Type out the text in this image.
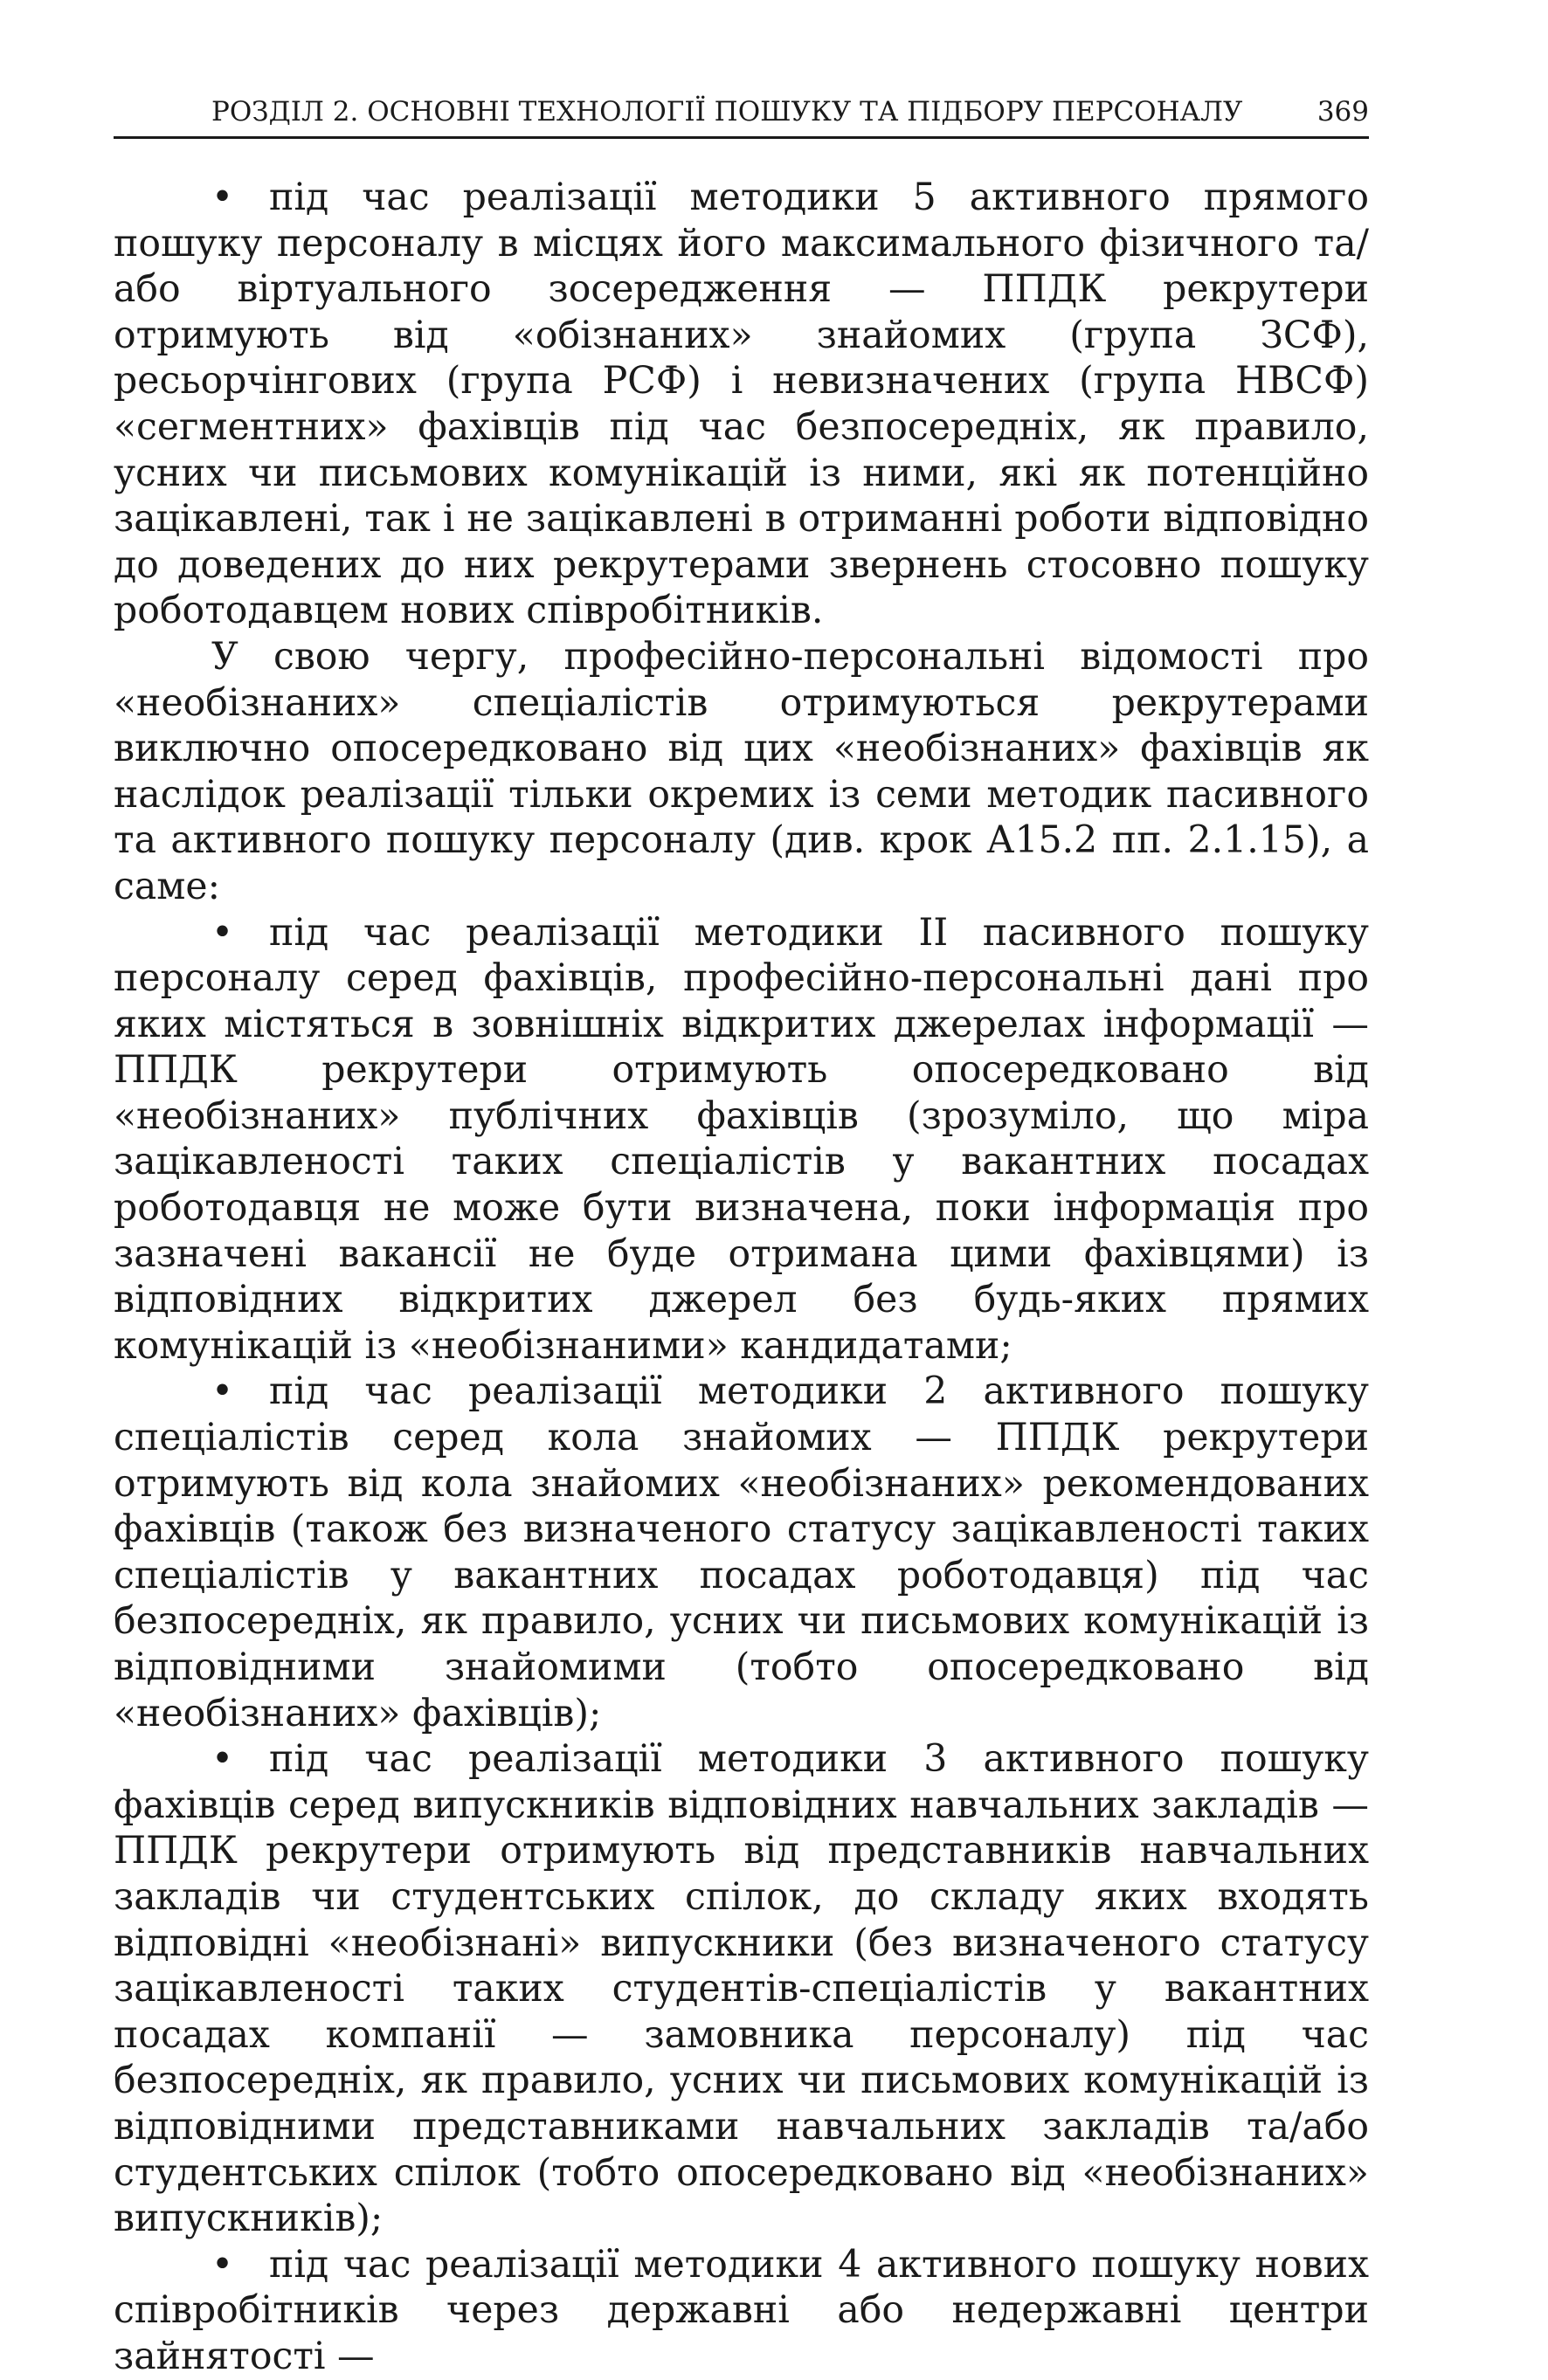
РОЗДІЛ 2. ОСНОВНІ ТЕХНОЛОГІЇ ПОШУКУ ТА ПІДБОРУ ПЕРСОНАЛУ	369

• під час реалізації методики 5 активного прямого пошуку персоналу в місцях його максимального фізичного та/або віртуального зосередження — ППДК рекрутери отримують від «обізнаних» знайомих (група ЗСФ), ресьорчінгових (група РСФ) і невизначених (група НВСФ) «сегментних» фахівців під час безпосередніх, як правило, усних чи письмових комунікацій із ними, які як потенційно зацікавлені, так і не зацікавлені в отриманні роботи відповідно до доведених до них рекрутерами звернень стосовно пошуку роботодавцем нових співробітників.

У свою чергу, професійно-персональні відомості про «необізнаних» спеціалістів отримуються рекрутерами виключно опосередковано від цих «необізнаних» фахівців як наслідок реалізації тільки окремих із семи методик пасивного та активного пошуку персоналу (див. крок А15.2 пп. 2.1.15), а саме:

• під час реалізації методики ІІ пасивного пошуку персоналу серед фахівців, професійно-персональні дані про яких містяться в зовнішніх відкритих джерелах інформації — ППДК рекрутери отримують опосередковано від «необізнаних» публічних фахівців (зрозуміло, що міра зацікавленості таких спеціалістів у вакантних посадах роботодавця не може бути визначена, поки інформація про зазначені вакансії не буде отримана цими фахівцями) із відповідних відкритих джерел без будь-яких прямих комунікацій із «необізнаними» кандидатами;

• під час реалізації методики 2 активного пошуку спеціалістів серед кола знайомих — ППДК рекрутери отримують від кола знайомих «необізнаних» рекомендованих фахівців (також без визначеного статусу зацікавленості таких спеціалістів у вакантних посадах роботодавця) під час безпосередніх, як правило, усних чи письмових комунікацій із відповідними знайомими (тобто опосередковано від «необізнаних» фахівців);

• під час реалізації методики 3 активного пошуку фахівців серед випускників відповідних навчальних закладів — ППДК рекрутери отримують від представників навчальних закладів чи студентських спілок, до складу яких входять відповідні «необізнані» випускники (без визначеного статусу зацікавленості таких студентів-спеціалістів у вакантних посадах компанії — замовника персоналу) під час безпосередніх, як правило, усних чи письмових комунікацій із відповідними представниками навчальних закладів та/або студентських спілок (тобто опосередковано від «необізнаних» випускників);

• під час реалізації методики 4 активного пошуку нових співробітників через державні або недержавні центри зайнятості —
